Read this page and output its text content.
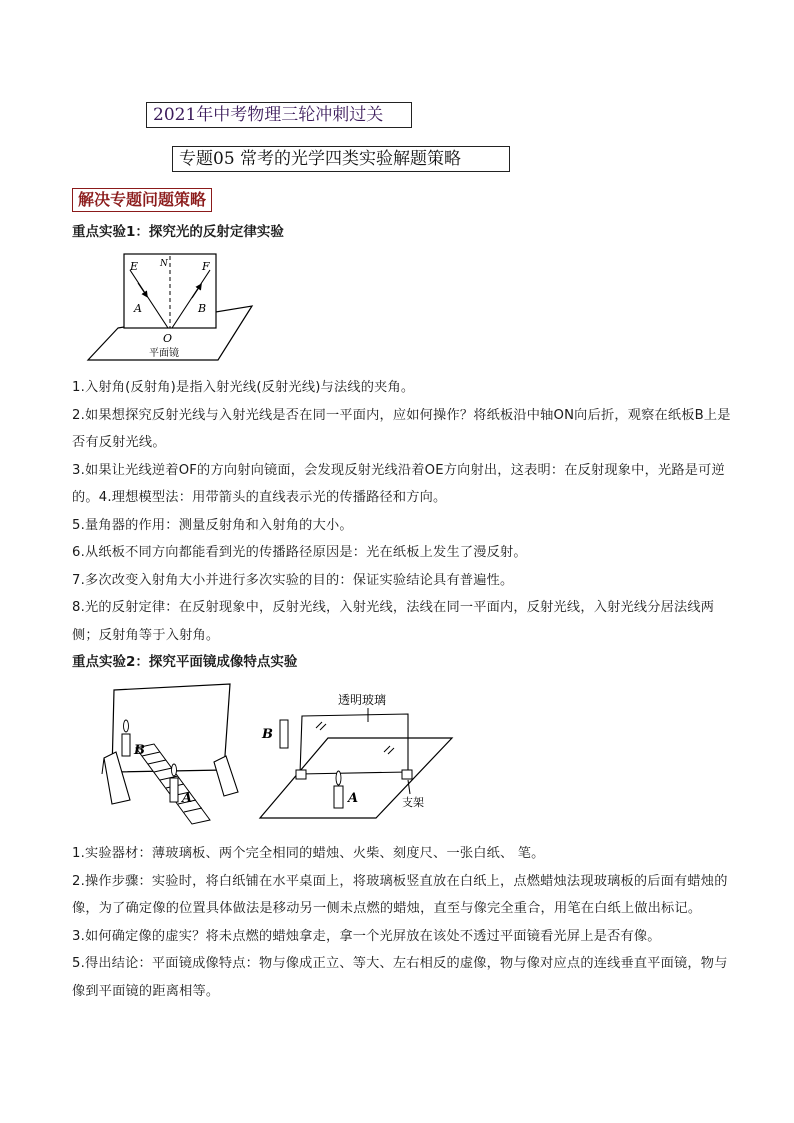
2021年中考物理三轮冲刺过关
专题05 常考的光学四类实验解题策略
解决专题问题策略
重点实验1：探究光的反射定律实验
E N	F
A	B
O
平面镜

1.入射角(反射角)是指入射光线(反射光线)与法线的夹角。

2.如果想探究反射光线与入射光线是否在同一平面内，应如何操作？将纸板沿中轴ON向后折，观察在纸板B上是否有反射光线。

3.如果让光线逆着OF的方向射向镜面，会发现反射光线沿着OE方向射出，这表明：在反射现象中，光路是可逆的。4.理想模型法：用带箭头的直线表示光的传播路径和方向。

5.量角器的作用：测量反射角和入射角的大小。

6.从纸板不同方向都能看到光的传播路径原因是：光在纸板上发生了漫反射。

7.多次改变入射角大小并进行多次实验的目的：保证实验结论具有普遍性。

8.光的反射定律：在反射现象中，反射光线，入射光线，法线在同一平面内，反射光线，入射光线分居法线两侧；反射角等于入射角。

重点实验2：探究平面镜成像特点实验
B
A
透明玻璃
B
A	支架

1.实验器材：薄玻璃板、两个完全相同的蜡烛、火柴、刻度尺、一张白纸、 笔。

2.操作步骤：实验时，将白纸铺在水平桌面上，将玻璃板竖直放在白纸上，点燃蜡烛法现玻璃板的后面有蜡烛的像，为了确定像的位置具体做法是移动另一侧未点燃的蜡烛，直至与像完全重合，用笔在白纸上做出标记。

3.如何确定像的虚实？将未点燃的蜡烛拿走，拿一个光屏放在该处不透过平面镜看光屏上是否有像。

5.得出结论：平面镜成像特点：物与像成正立、等大、左右相反的虚像，物与像对应点的连线垂直平面镜，物与像到平面镜的距离相等。
